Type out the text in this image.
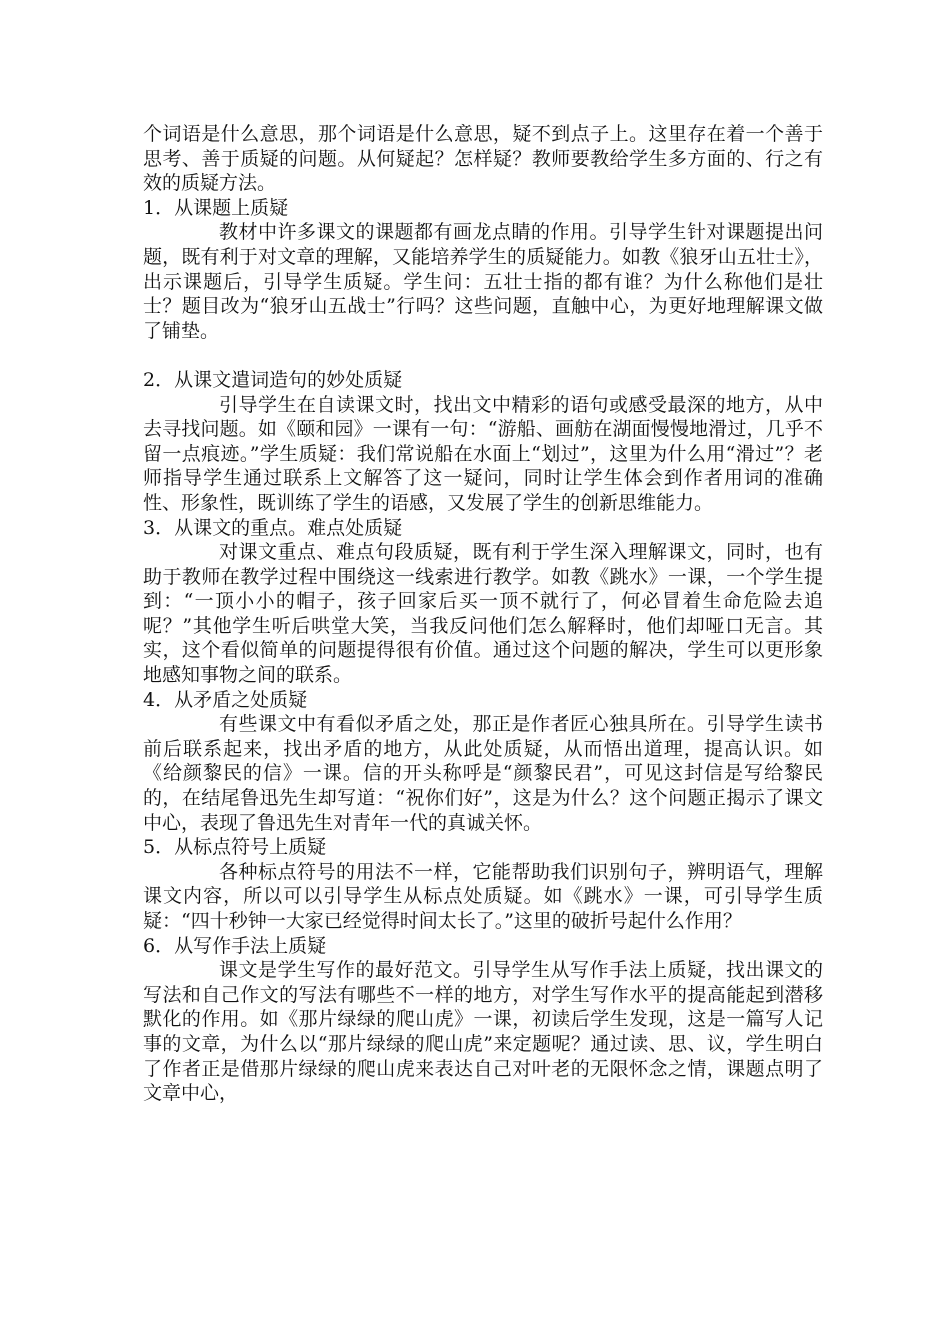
个词语是什么意思，那个词语是什么意思，疑不到点子上。这里存在着一个善于思考、善于质疑的问题。从何疑起？怎样疑？教师要教给学生多方面的、行之有效的质疑方法。

1．从课题上质疑

教材中许多课文的课题都有画龙点睛的作用。引导学生针对课题提出问题，既有利于对文章的理解，又能培养学生的质疑能力。如教《狼牙山五壮士》，出示课题后，引导学生质疑。学生问：五壮士指的都有谁？为什么称他们是壮士？题目改为“狼牙山五战士”行吗？这些问题，直触中心，为更好地理解课文做了铺垫。

2．从课文遣词造句的妙处质疑

引导学生在自读课文时，找出文中精彩的语句或感受最深的地方，从中去寻找问题。如《颐和园》一课有一句：“游船、画舫在湖面慢慢地滑过，几乎不留一点痕迹。”学生质疑：我们常说船在水面上“划过”，这里为什么用“滑过”？老师指导学生通过联系上文解答了这一疑问，同时让学生体会到作者用词的准确性、形象性，既训练了学生的语感，又发展了学生的创新思维能力。

3．从课文的重点。难点处质疑

对课文重点、难点句段质疑，既有利于学生深入理解课文，同时，也有助于教师在教学过程中围绕这一线索进行教学。如教《跳水》一课，一个学生提到：“一顶小小的帽子，孩子回家后买一顶不就行了，何必冒着生命危险去追呢？”其他学生听后哄堂大笑，当我反问他们怎么解释时，他们却哑口无言。其实，这个看似简单的问题提得很有价值。通过这个问题的解决，学生可以更形象地感知事物之间的联系。

4．从矛盾之处质疑

有些课文中有看似矛盾之处，那正是作者匠心独具所在。引导学生读书前后联系起来，找出矛盾的地方，从此处质疑，从而悟出道理，提高认识。如《给颜黎民的信》一课。信的开头称呼是“颜黎民君”，可见这封信是写给黎民的，在结尾鲁迅先生却写道：“祝你们好”，这是为什么？这个问题正揭示了课文中心，表现了鲁迅先生对青年一代的真诚关怀。

5．从标点符号上质疑

各种标点符号的用法不一样，它能帮助我们识别句子，辨明语气，理解课文内容，所以可以引导学生从标点处质疑。如《跳水》一课，可引导学生质疑：“四十秒钟一大家已经觉得时间太长了。”这里的破折号起什么作用？

6．从写作手法上质疑

课文是学生写作的最好范文。引导学生从写作手法上质疑，找出课文的写法和自己作文的写法有哪些不一样的地方，对学生写作水平的提高能起到潜移默化的作用。如《那片绿绿的爬山虎》一课，初读后学生发现，这是一篇写人记事的文章，为什么以“那片绿绿的爬山虎”来定题呢？通过读、思、议，学生明白了作者正是借那片绿绿的爬山虎来表达自己对叶老的无限怀念之情，课题点明了文章中心，
